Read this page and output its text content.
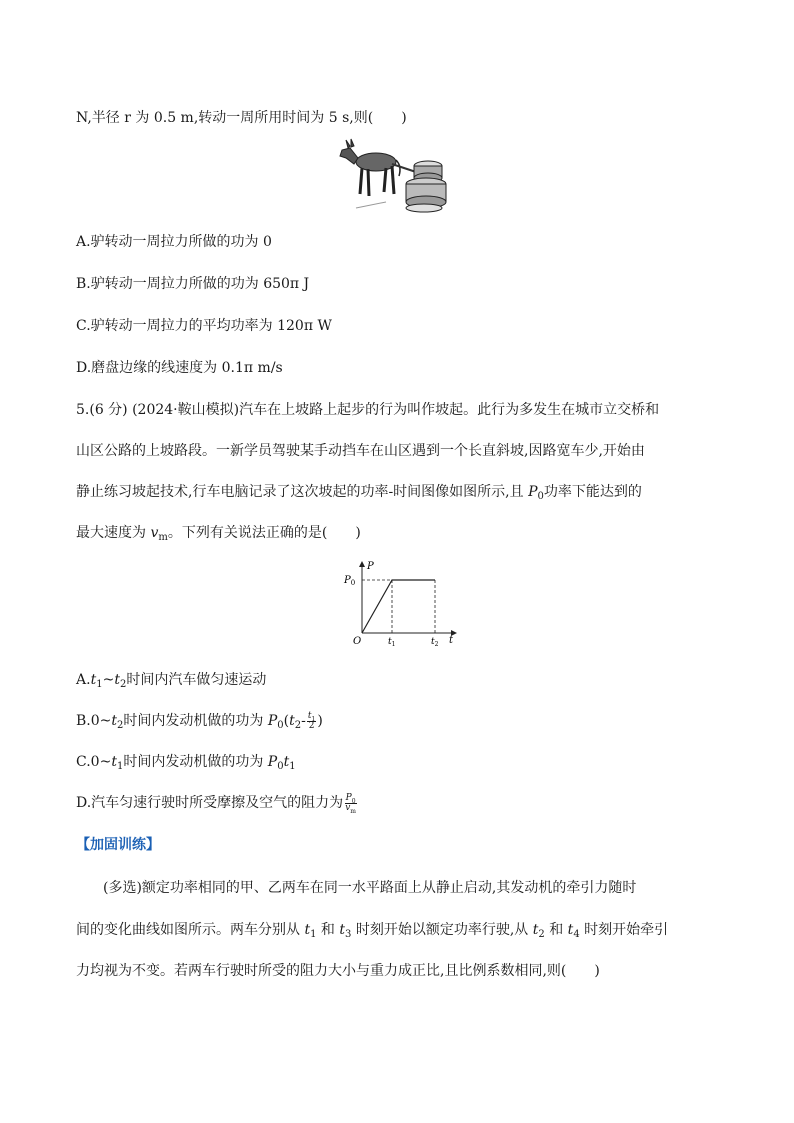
N,半径 r 为 0.5 m,转动一周所用时间为 5 s,则(　　)
A.驴转动一周拉力所做的功为 0
B.驴转动一周拉力所做的功为 650π J
C.驴转动一周拉力的平均功率为 120π W
D.磨盘边缘的线速度为 0.1π m/s
5.(6 分) (2024·鞍山模拟)汽车在上坡路上起步的行为叫作坡起。此行为多发生在城市立交桥和
山区公路的上坡路段。一新学员驾驶某手动挡车在山区遇到一个长直斜坡,因路宽车少,开始由
静止练习坡起技术,行车电脑记录了这次坡起的功率-时间图像如图所示,且 $P_0$功率下能达到的
最大速度为 $v_m$。下列有关说法正确的是(　　)
P
t
O
$P_0$
$t_1$	$t_2$
$A.t_1\sim t_2$时间内汽车做匀速运动
$B.0\sim t_2$时间内发动机做的功为 $P_0(t_2- \frac{t_1}{2}$ )
$C.0\sim t_1$时间内发动机做的功为 $P_0t_1$
D.汽车匀速行驶时所受摩擦及空气的阻力为 $\frac{P_0}{v_m}$
【加固训练】
(多选)额定功率相同的甲、乙两车在同一水平路面上从静止启动,其发动机的牵引力随时
间的变化曲线如图所示。两车分别从 $t_1$ 和 $t_3$ 时刻开始以额定功率行驶,从 $t_2$ 和 $t_4$ 时刻开始牵引
力均视为不变。若两车行驶时所受的阻力大小与重力成正比,且比例系数相同,则(　　)
